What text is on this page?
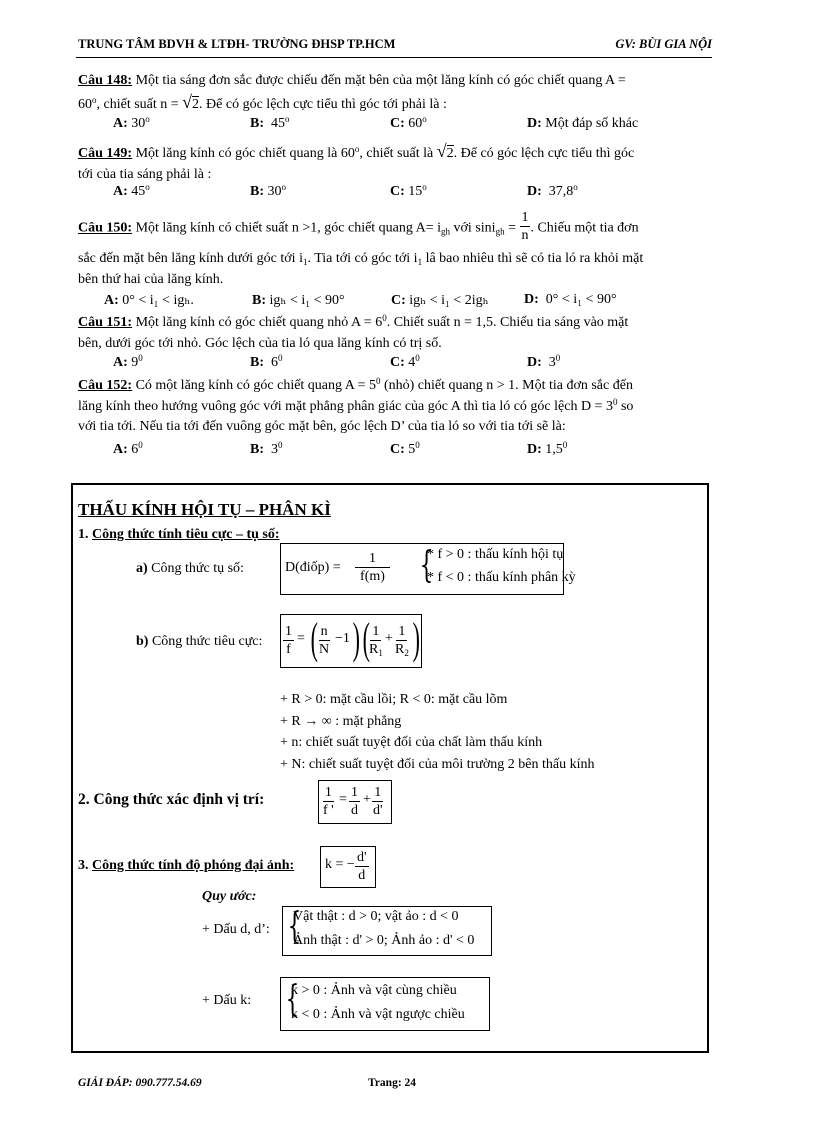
TRUNG TÂM BDVH & LTĐH- TRƯỜNG ĐHSP TP.HCM	GV: BÙI GIA NỘI
Câu 148: Một tia sáng đơn sắc được chiếu đến mặt bên của một lăng kính có góc chiết quang A =
$60^o$, chiết suất n = √2. Để có góc lệch cực tiểu thì góc tới phải là :
A: 30$^o$	B: 45$^o$	C: 60$^o$	D: Một đáp số khác
Câu 149: Một lăng kính có góc chiết quang là 60$^o$, chiết suất là √2. Để có góc lệch cực tiểu thì góc
tới của tia sáng phải là :
A: 45$^o$	B: 30$^o$	C: 15$^o$	D: 37,8$^o$
Câu 150: Một lăng kính có chiết suất n >1, góc chiết quang $A= i_{gh}$ với $\sin i_{gh} = \frac{1}{n}$ . Chiếu một tia đơn
sắc đến mặt bên lăng kính dưới góc tới $i_1$. Tia tới có góc tới $i_1$ lâ bao nhiêu thì sẽ có tia ló ra khỏi mặt
bên thứ hai của lăng kính.
A: 0° < i₁ < igₕ.	B: igₕ < i₁ < 90°	C: igₕ < i₁ < 2igₕ	D: 0° < i₁ < 90°
Câu 151: Một lăng kính có góc chiết quang nhỏ $A = 6^0$. Chiết suất n = 1,5. Chiếu tia sáng vào mặt
bên, dưới góc tới nhỏ. Góc lệch của tia ló qua lăng kính có trị số.
A: $9^0$	B: $6^0$	C: $4^0$	D: $3^0$
Câu 152: Có một lăng kính có góc chiết quang $A = 5^0$ (nhỏ) chiết quang n > 1. Một tia đơn sắc đến
lăng kính theo hướng vuông góc với mặt phẳng phân giác của góc A thì tia ló có góc lệch $D = 3^0$ so
với tia tới. Nếu tia tới đến vuông góc mặt bên, góc lệch D’ của tia ló so với tia tới sẽ là:
A: $6^0$	B: $3^0$	C: $5^0$	D: $1,5^0$
THẤU KÍNH HỘI TỤ – PHÂN KÌ
1. Công thức tính tiêu cực – tụ số:
a) Công thức tụ số:	D(điốp) = $\frac{1}{f(m)}$ {
* f > 0 : thấu kính hội tụ
* f < 0 : thấu kính phân kỳ
b) Công thức tiêu cực: $\frac{1}{f}$ = ( $\frac{n}{N} -1$ ) (
$\frac{1}{R_1} + \frac{1}{R_2}$ )
+ R > 0: mặt cầu lồi; R < 0: mặt cầu lõm
+ R → ∞ : mặt phẳng
+ n: chiết suất tuyệt đối của chất làm thấu kính
+ N: chiết suất tuyệt đối của môi trường 2 bên thấu kính
2. Công thức xác định vị trí:	$\frac{1}{f '} = \frac{1}{d} + \frac{1}{d'}$
3. Công thức tính độ phóng đại ảnh: k = − $\frac{d'}{d}$
Quy ước:
+ Dấu d, d’: {
Vật thật : d > 0; vật ảo : d < 0
Ảnh thật : d' > 0; Ảnh ảo : d' < 0
+ Dấu k: {
k > 0 : Ảnh và vật cùng chiều
k < 0 : Ảnh và vật ngược chiều
GIẢI ĐÁP: 090.777.54.69	Trang: 24
